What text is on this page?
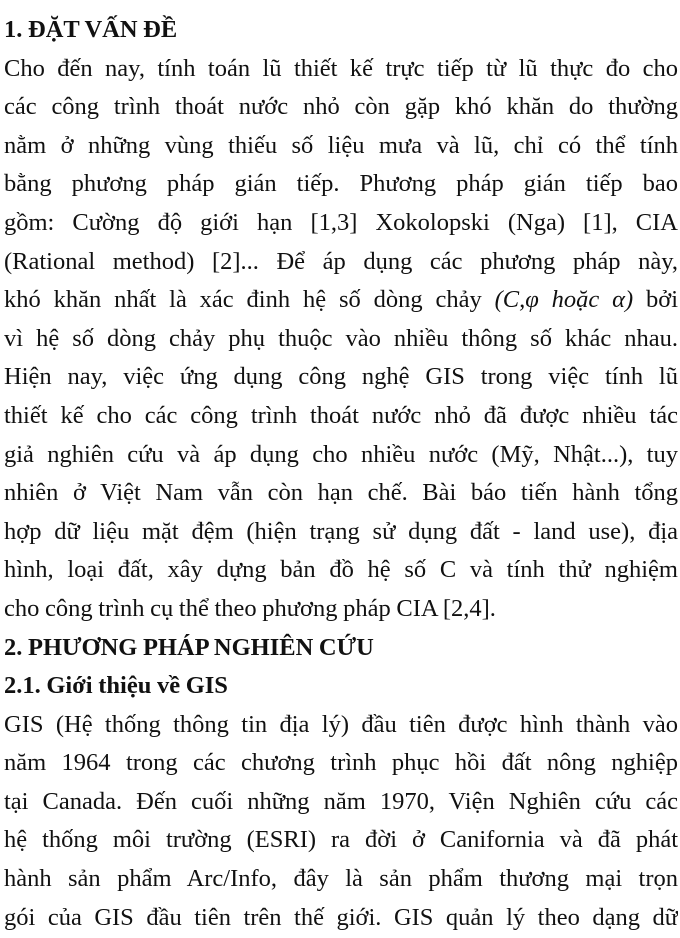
1. ĐẶT VẤN ĐỀ
Cho đến nay, tính toán lũ thiết kế trực tiếp từ lũ thực đo cho
các công trình thoát nước nhỏ còn gặp khó khăn do thường
nằm ở những vùng thiếu số liệu mưa và lũ, chỉ có thể tính
bằng phương pháp gián tiếp. Phương pháp gián tiếp bao
gồm: Cường độ giới hạn [1,3] Xokolopski (Nga) [1], CIA
(Rational method) [2]... Để áp dụng các phương pháp này,
khó khăn nhất là xác đinh hệ số dòng chảy (C,φ hoặc α) bởi
vì hệ số dòng chảy phụ thuộc vào nhiều thông số khác nhau.
Hiện nay, việc ứng dụng công nghệ GIS trong việc tính lũ
thiết kế cho các công trình thoát nước nhỏ đã được nhiều tác
giả nghiên cứu và áp dụng cho nhiều nước (Mỹ, Nhật...), tuy
nhiên ở Việt Nam vẫn còn hạn chế. Bài báo tiến hành tổng
hợp dữ liệu mặt đệm (hiện trạng sử dụng đất - land use), địa
hình, loại đất, xây dựng bản đồ hệ số C và tính thử nghiệm
cho công trình cụ thể theo phương pháp CIA [2,4].
2. PHƯƠNG PHÁP NGHIÊN CỨU
2.1. Giới thiệu về GIS
GIS (Hệ thống thông tin địa lý) đầu tiên được hình thành vào
năm 1964 trong các chương trình phục hồi đất nông nghiệp
tại Canada. Đến cuối những năm 1970, Viện Nghiên cứu các
hệ thống môi trường (ESRI) ra đời ở Canifornia và đã phát
hành sản phẩm Arc/Info, đây là sản phẩm thương mại trọn
gói của GIS đầu tiên trên thế giới. GIS quản lý theo dạng dữ
